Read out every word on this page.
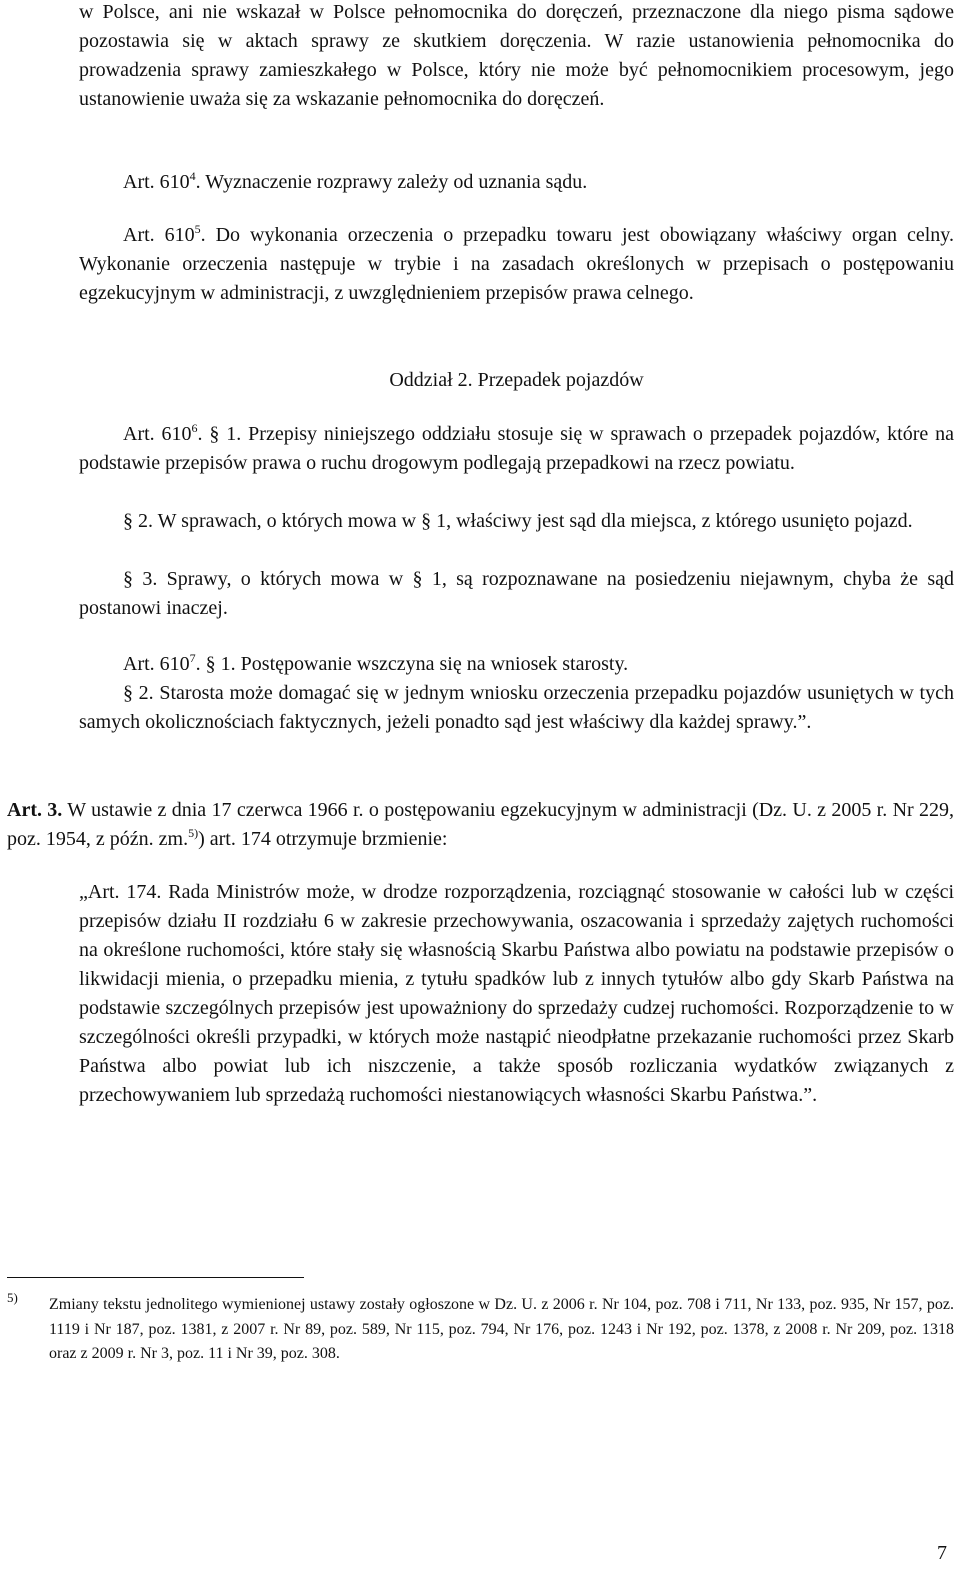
w Polsce, ani nie wskazał w Polsce pełnomocnika do doręczeń, przeznaczone dla niego pisma sądowe pozostawia się w aktach sprawy ze skutkiem doręczenia. W razie ustanowienia pełnomocnika do prowadzenia sprawy zamieszkałego w Polsce, który nie może być pełnomocnikiem procesowym, jego ustanowienie uważa się za wskazanie pełnomocnika do doręczeń.

Art. $610^4$. Wyznaczenie rozprawy zależy od uznania sądu.

Art. $610^5$. Do wykonania orzeczenia o przepadku towaru jest obowiązany właściwy organ celny. Wykonanie orzeczenia następuje w trybie i na zasadach określonych w przepisach o postępowaniu egzekucyjnym w administracji, z uwzględnieniem przepisów prawa celnego.

Oddział 2. Przepadek pojazdów

Art. $610^6$. § 1. Przepisy niniejszego oddziału stosuje się w sprawach o przepadek pojazdów, które na podstawie przepisów prawa o ruchu drogowym podlegają przepadkowi na rzecz powiatu.

§ 2. W sprawach, o których mowa w § 1, właściwy jest sąd dla miejsca, z którego usunięto pojazd.

§ 3. Sprawy, o których mowa w § 1, są rozpoznawane na posiedzeniu niejawnym, chyba że sąd postanowi inaczej.

Art. $610^7$. § 1. Postępowanie wszczyna się na wniosek starosty.

§ 2. Starosta może domagać się w jednym wniosku orzeczenia przepadku pojazdów usuniętych w tych samych okolicznościach faktycznych, jeżeli ponadto sąd jest właściwy dla każdej sprawy.”.

Art. 3. W ustawie z dnia 17 czerwca 1966 r. o postępowaniu egzekucyjnym w administracji (Dz. U. z 2005 r. Nr 229, poz. 1954, z późn. zm.$^{5)}$) art. 174 otrzymuje brzmienie:

„Art. 174. Rada Ministrów może, w drodze rozporządzenia, rozciągnąć stosowanie w całości lub w części przepisów działu II rozdziału 6 w zakresie przechowywania, oszacowania i sprzedaży zajętych ruchomości na określone ruchomości, które stały się własnością Skarbu Państwa albo powiatu na podstawie przepisów o likwidacji mienia, o przepadku mienia, z tytułu spadków lub z innych tytułów albo gdy Skarb Państwa na podstawie szczególnych przepisów jest upoważniony do sprzedaży cudzej ruchomości. Rozporządzenie to w szczególności określi przypadki, w których może nastąpić nieodpłatne przekazanie ruchomości przez Skarb Państwa albo powiat lub ich niszczenie, a także sposób rozliczania wydatków związanych z przechowywaniem lub sprzedażą ruchomości niestanowiących własności Skarbu Państwa.”.

5) Zmiany tekstu jednolitego wymienionej ustawy zostały ogłoszone w Dz. U. z 2006 r. Nr 104, poz. 708 i 711, Nr 133, poz. 935, Nr 157, poz. 1119 i Nr 187, poz. 1381, z 2007 r. Nr 89, poz. 589, Nr 115, poz. 794, Nr 176, poz. 1243 i Nr 192, poz. 1378, z 2008 r. Nr 209, poz. 1318 oraz z 2009 r. Nr 3, poz. 11 i Nr 39, poz. 308.

7
